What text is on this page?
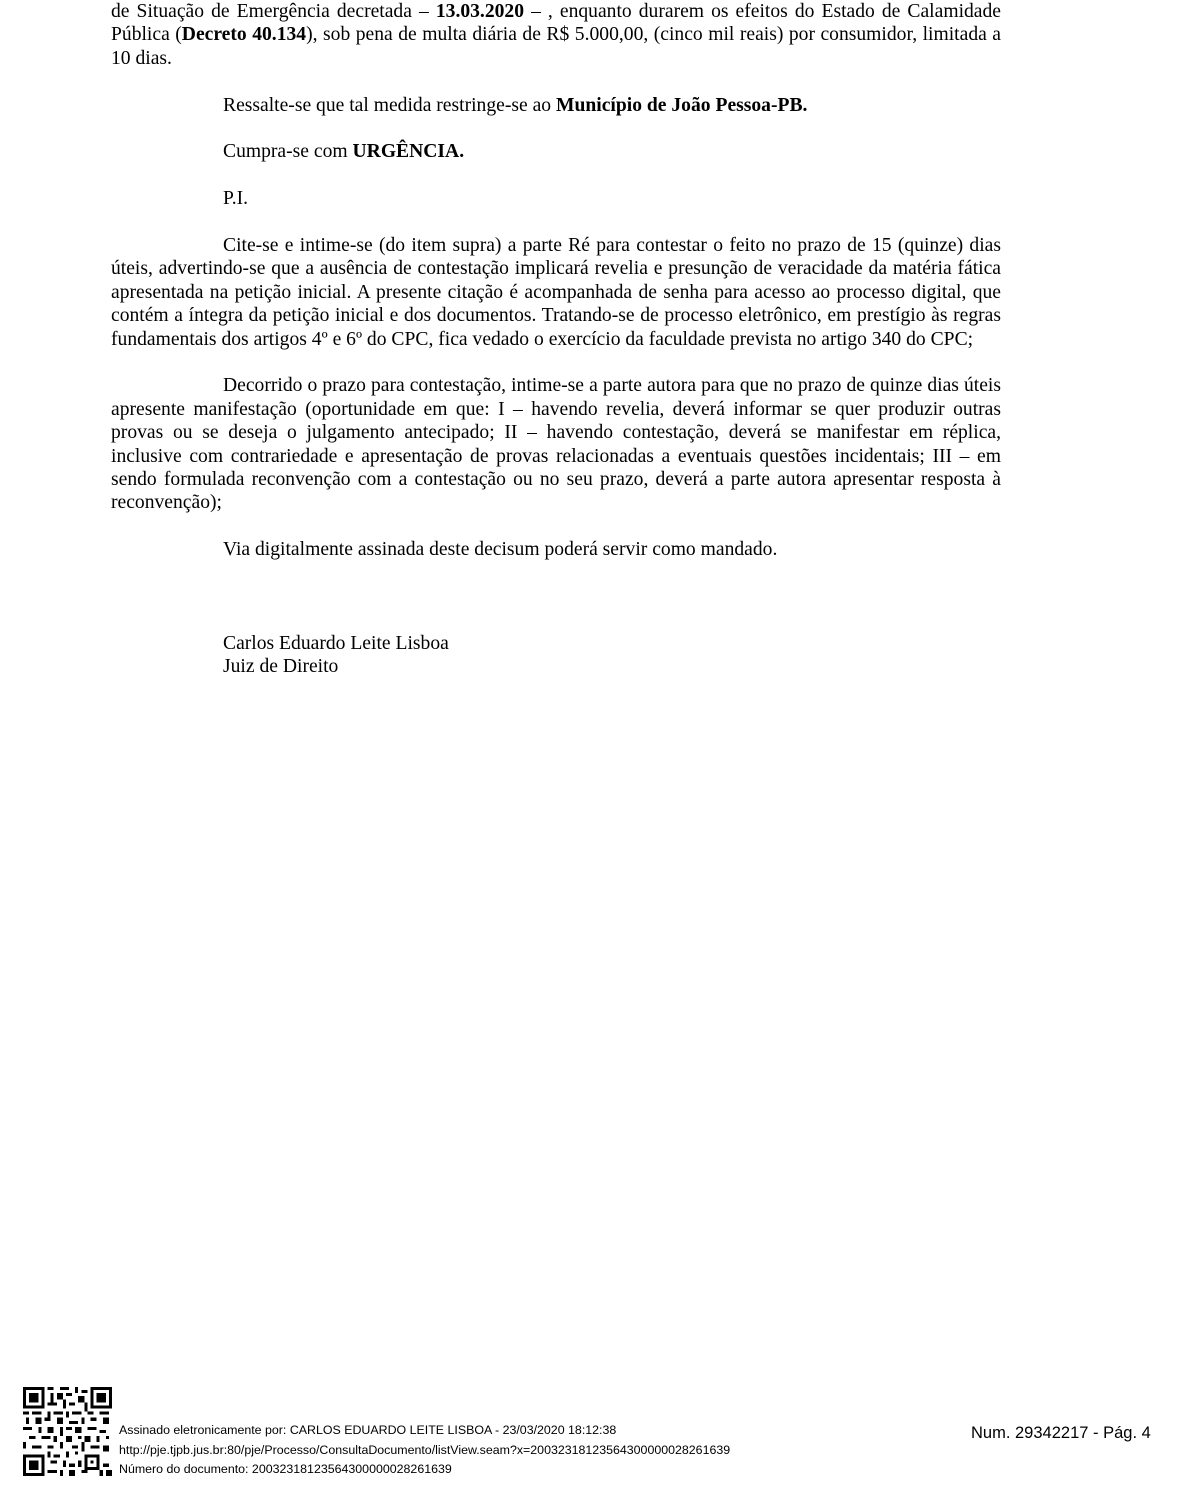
de Situação de Emergência decretada – 13.03.2020 – , enquanto durarem os efeitos do Estado de Calamidade Pública (Decreto 40.134), sob pena de multa diária de R$ 5.000,00, (cinco mil reais) por consumidor, limitada a 10 dias.

Ressalte-se que tal medida restringe-se ao Município de João Pessoa-PB.

Cumpra-se com URGÊNCIA.

P.I.

Cite-se e intime-se (do item supra) a parte Ré para contestar o feito no prazo de 15 (quinze) dias úteis, advertindo-se que a ausência de contestação implicará revelia e presunção de veracidade da matéria fática apresentada na petição inicial. A presente citação é acompanhada de senha para acesso ao processo digital, que contém a íntegra da petição inicial e dos documentos. Tratando-se de processo eletrônico, em prestígio às regras fundamentais dos artigos 4º e 6º do CPC, fica vedado o exercício da faculdade prevista no artigo 340 do CPC;

Decorrido o prazo para contestação, intime-se a parte autora para que no prazo de quinze dias úteis apresente manifestação (oportunidade em que: I – havendo revelia, deverá informar se quer produzir outras provas ou se deseja o julgamento antecipado; II – havendo contestação, deverá se manifestar em réplica, inclusive com contrariedade e apresentação de provas relacionadas a eventuais questões incidentais; III – em sendo formulada reconvenção com a contestação ou no seu prazo, deverá a parte autora apresentar resposta à reconvenção);

Via digitalmente assinada deste decisum poderá servir como mandado.

Carlos Eduardo Leite Lisboa
Juiz de Direito
Assinado eletronicamente por: CARLOS EDUARDO LEITE LISBOA - 23/03/2020 18:12:38
http://pje.tjpb.jus.br:80/pje/Processo/ConsultaDocumento/listView.seam?x=20032318123564300000028261639
Número do documento: 20032318123564300000028261639
Num. 29342217 - Pág. 4
